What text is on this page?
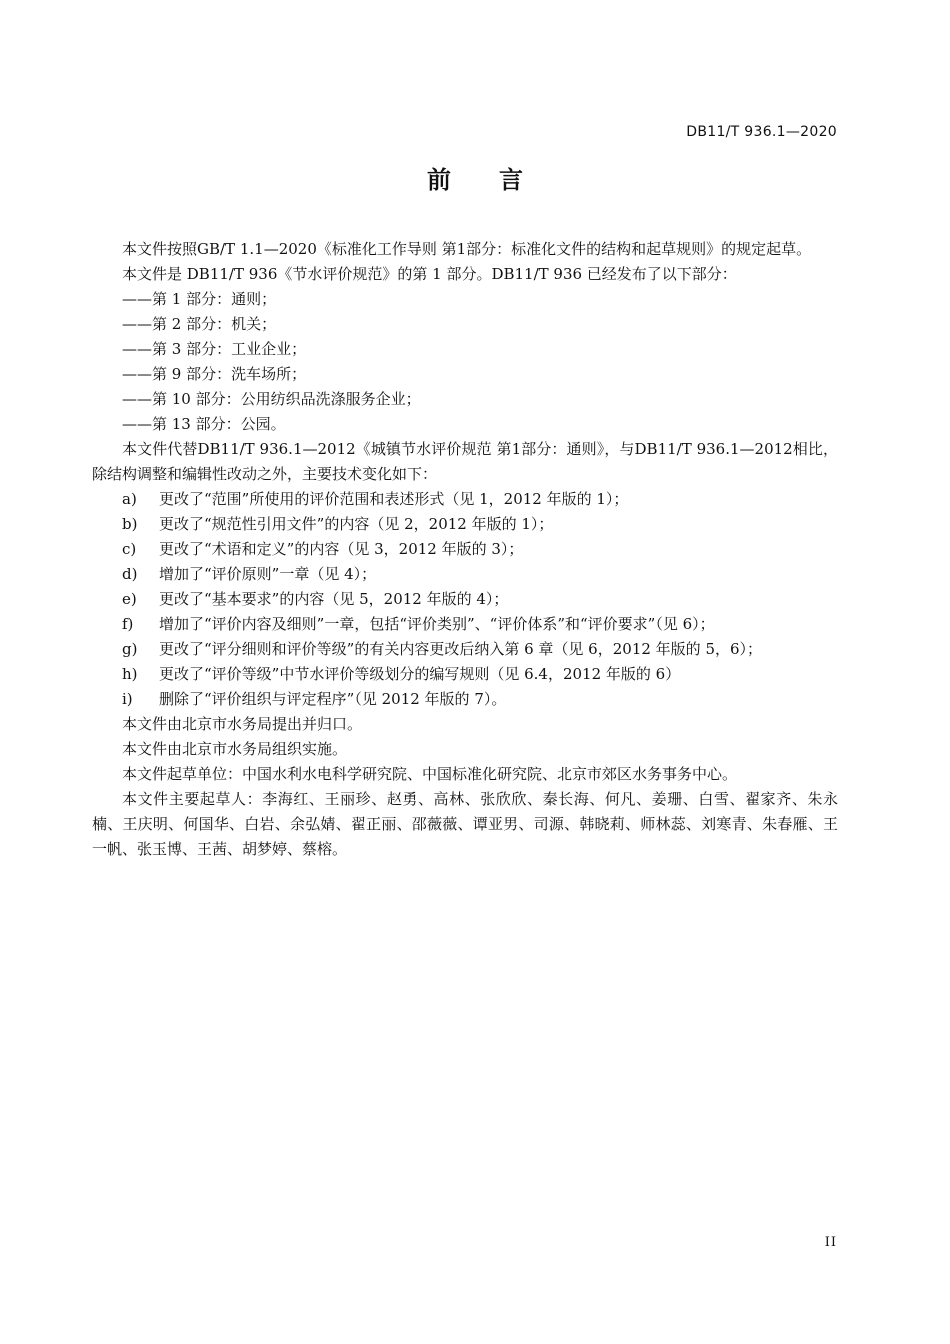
DB11/T 936.1—2020
前言

本文件按照GB/T 1.1—2020《标准化工作导则 第1部分：标准化文件的结构和起草规则》的规定起草。

本文件是 DB11/T 936《节水评价规范》的第 1 部分。DB11/T 936 已经发布了以下部分：

——第 1 部分：通则；

——第 2 部分：机关；

——第 3 部分：工业企业；

——第 9 部分：洗车场所；

——第 10 部分：公用纺织品洗涤服务企业；

——第 13 部分：公园。

本文件代替DB11/T 936.1—2012《城镇节水评价规范 第1部分：通则》，与DB11/T 936.1—2012相比，除结构调整和编辑性改动之外，主要技术变化如下：

a) 更改了“范围”所使用的评价范围和表述形式（见 1，2012 年版的 1）；

b) 更改了“规范性引用文件”的内容（见 2，2012 年版的 1）；

c) 更改了“术语和定义”的内容（见 3，2012 年版的 3）；

d) 增加了“评价原则”一章（见 4）；

e) 更改了“基本要求”的内容（见 5，2012 年版的 4）；

f) 增加了“评价内容及细则”一章，包括“评价类别”、“评价体系”和“评价要求”（见 6）；

g) 更改了“评分细则和评价等级”的有关内容更改后纳入第 6 章（见 6，2012 年版的 5，6）；

h) 更改了“评价等级”中节水评价等级划分的编写规则（见 6.4，2012 年版的 6）

i) 删除了“评价组织与评定程序”（见 2012 年版的 7）。

本文件由北京市水务局提出并归口。

本文件由北京市水务局组织实施。

本文件起草单位：中国水利水电科学研究院、中国标准化研究院、北京市郊区水务事务中心。

本文件主要起草人：李海红、王丽珍、赵勇、高林、张欣欣、秦长海、何凡、姜珊、白雪、翟家齐、朱永楠、王庆明、何国华、白岩、余弘婧、翟正丽、邵薇薇、谭亚男、司源、韩晓莉、师林蕊、刘寒青、朱春雁、王一帆、张玉博、王茜、胡梦婷、蔡榕。

II
